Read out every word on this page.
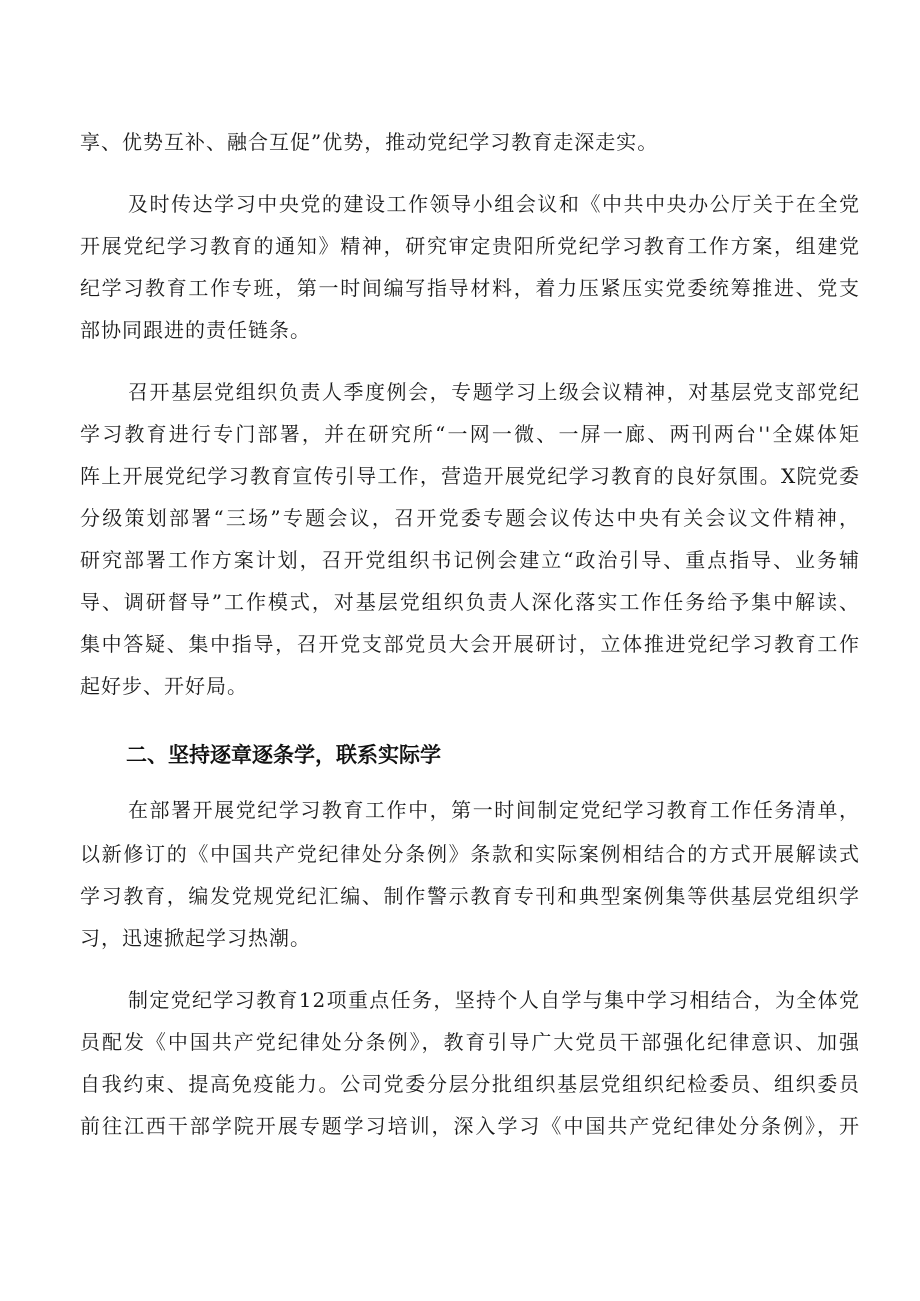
享、优势互补、融合互促”优势，推动党纪学习教育走深走实。

及时传达学习中央党的建设工作领导小组会议和《中共中央办公厅关于在全党

开展党纪学习教育的通知》精神，研究审定贵阳所党纪学习教育工作方案，组建党

纪学习教育工作专班，第一时间编写指导材料，着力压紧压实党委统筹推进、党支

部协同跟进的责任链条。

召开基层党组织负责人季度例会，专题学习上级会议精神，对基层党支部党纪

学习教育进行专门部署，并在研究所“一网一微、一屏一廊、两刊两台''全媒体矩

阵上开展党纪学习教育宣传引导工作，营造开展党纪学习教育的良好氛围。X院党委

分级策划部署“三场”专题会议，召开党委专题会议传达中央有关会议文件精神，

研究部署工作方案计划，召开党组织书记例会建立“政治引导、重点指导、业务辅

导、调研督导”工作模式，对基层党组织负责人深化落实工作任务给予集中解读、

集中答疑、集中指导，召开党支部党员大会开展研讨，立体推进党纪学习教育工作

起好步、开好局。

二、坚持逐章逐条学，联系实际学

在部署开展党纪学习教育工作中，第一时间制定党纪学习教育工作任务清单，

以新修订的《中国共产党纪律处分条例》条款和实际案例相结合的方式开展解读式

学习教育，编发党规党纪汇编、制作警示教育专刊和典型案例集等供基层党组织学

习，迅速掀起学习热潮。

制定党纪学习教育12项重点任务，坚持个人自学与集中学习相结合，为全体党

员配发《中国共产党纪律处分条例》，教育引导广大党员干部强化纪律意识、加强

自我约束、提高免疫能力。公司党委分层分批组织基层党组织纪检委员、组织委员

前往江西干部学院开展专题学习培训，深入学习《中国共产党纪律处分条例》，开
